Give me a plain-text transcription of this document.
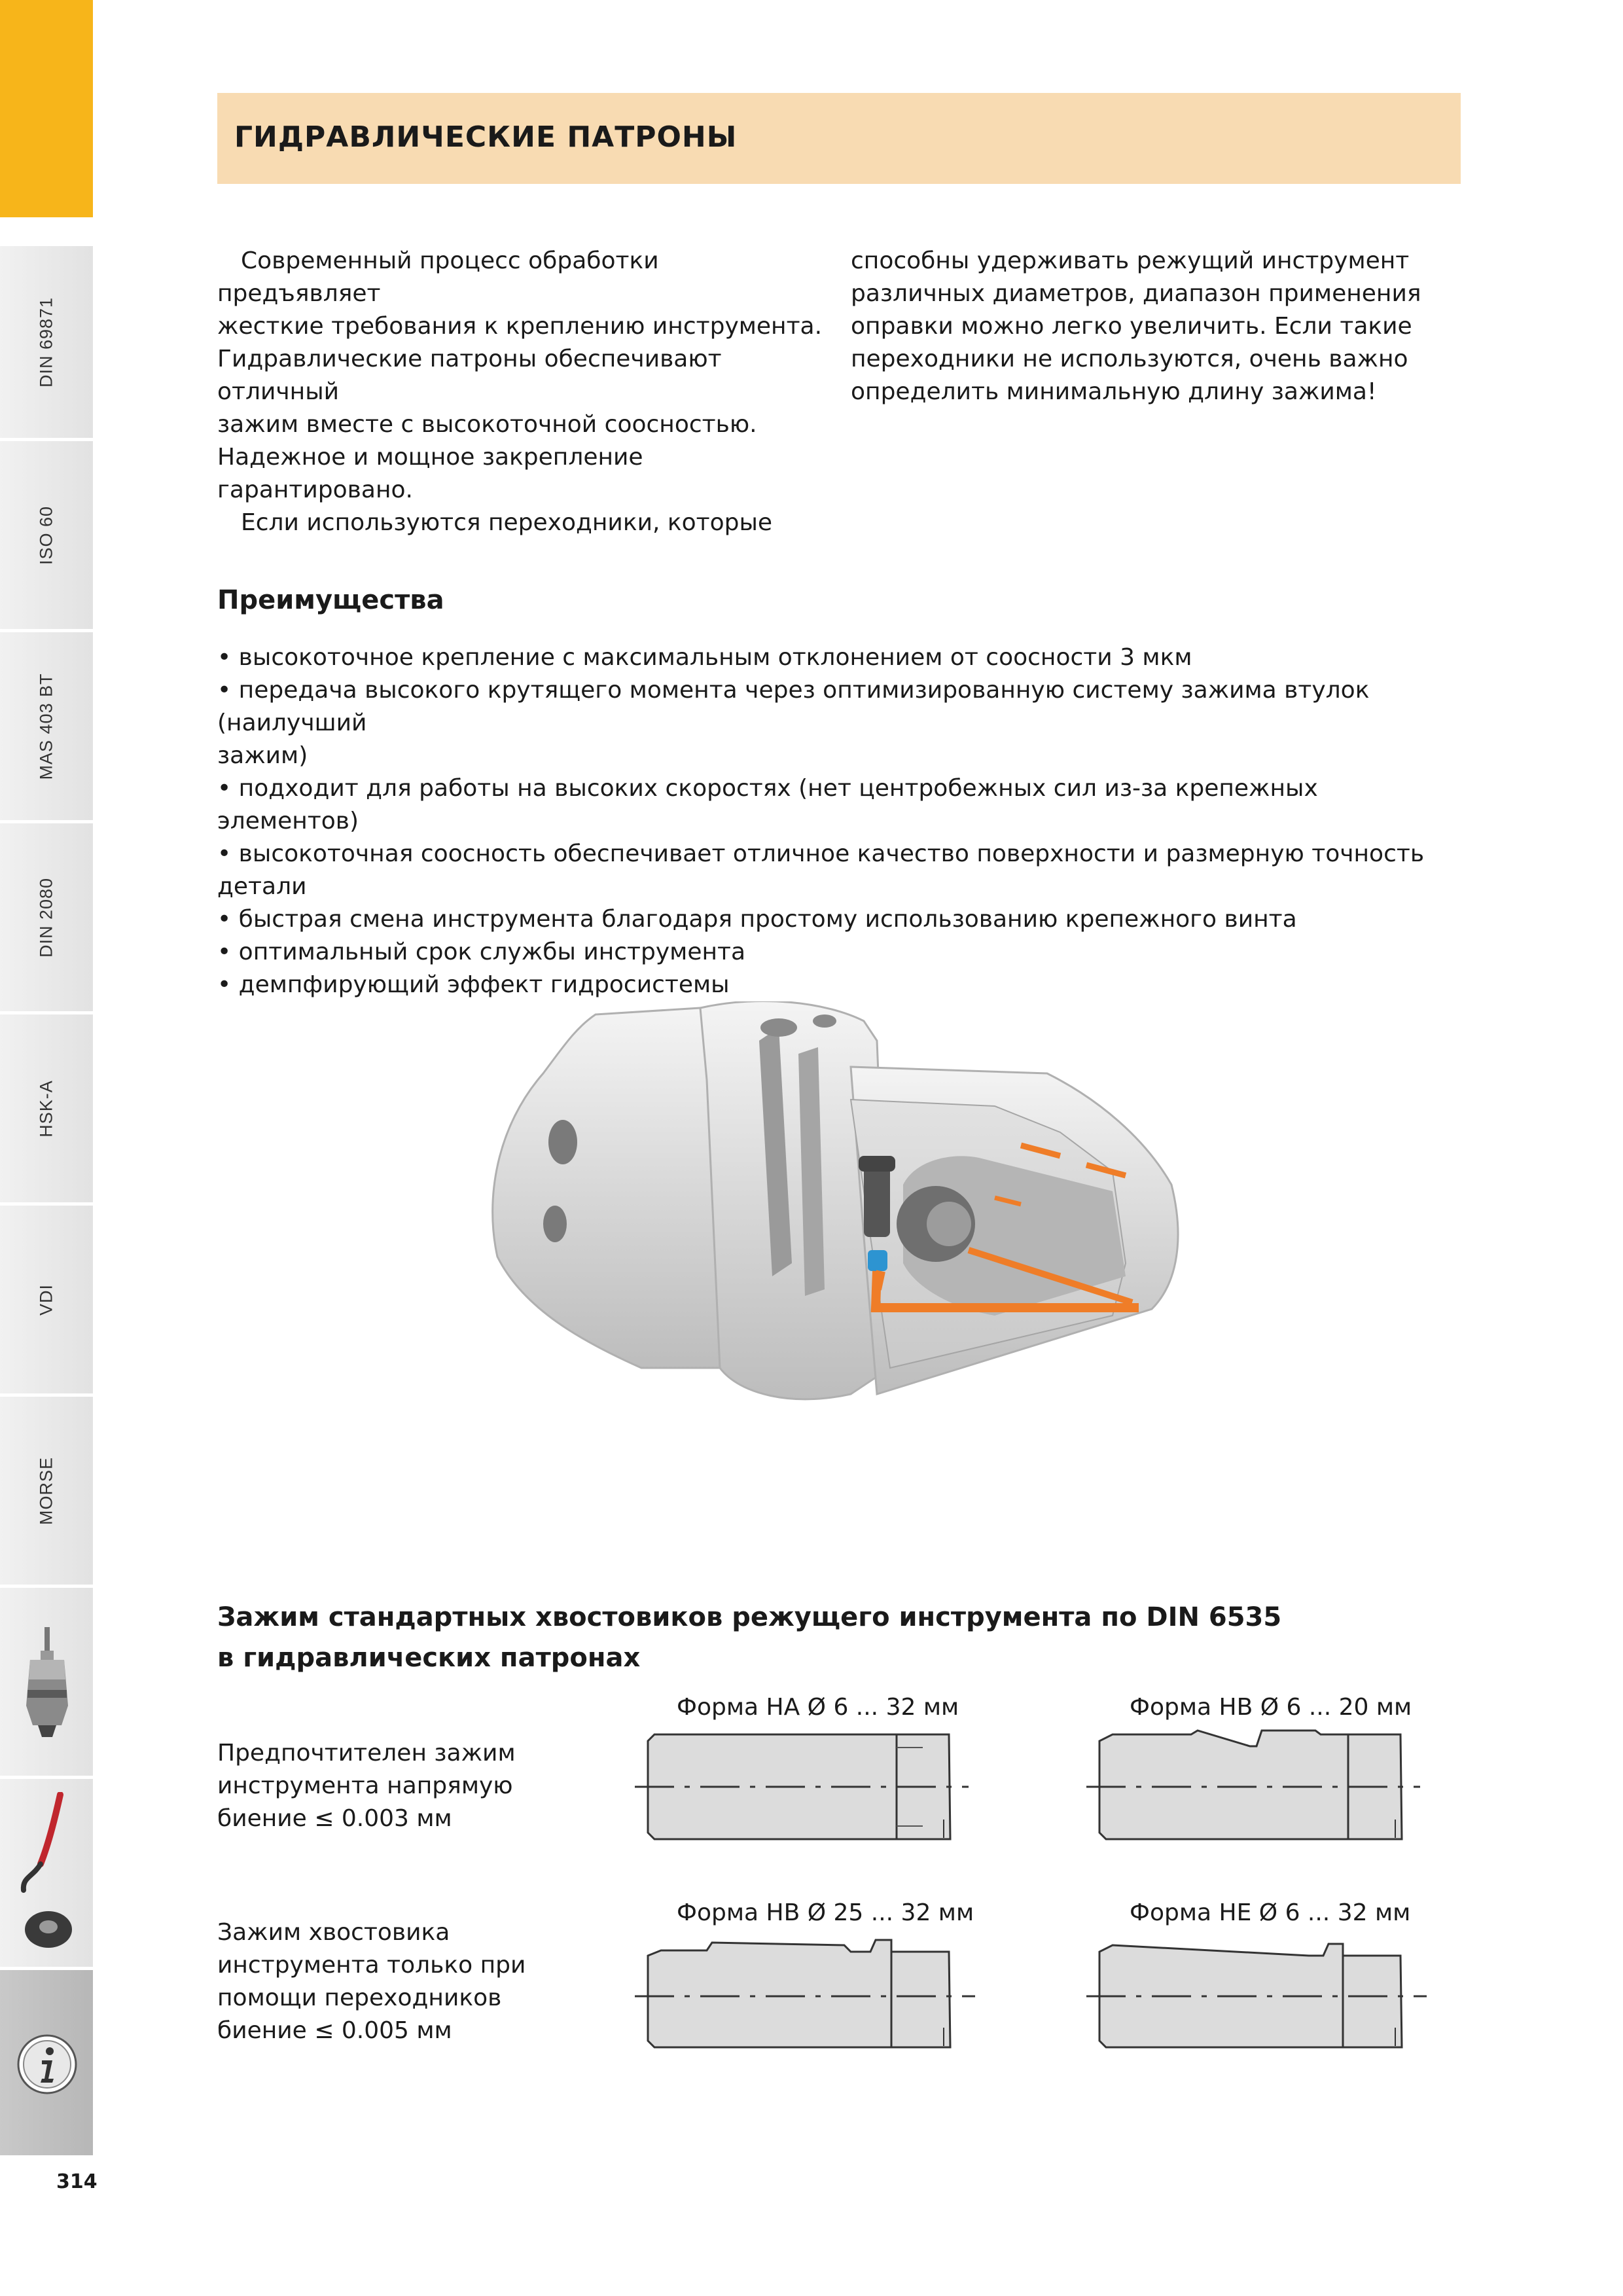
DIN 69871
ISO 60
MAS 403 BT
DIN 2080
HSK-A
VDI
MORSE
ГИДРАВЛИЧЕСКИЕ ПАТРОНЫ

Современный процесс обработки предъявляет

жесткие требования к креплению инструмента.

Гидравлические патроны обеспечивают отличный

зажим вместе с высокоточной соосностью.

Надежное и мощное закрепление гарантировано.

Если используются переходники, которые

способны удерживать режущий инструмент

различных диаметров, диапазон применения

оправки можно легко увеличить. Если такие

переходники не используются, очень важно

определить минимальную длину зажима!

Преимущества
• высокоточное крепление с максимальным отклонением от соосности 3 мкм
• передача высокого крутящего момента через оптимизированную систему зажима втулок (наилучший
зажим)
• подходит для работы на высоких скоростях (нет центробежных сил из-за крепежных элементов)
• высокоточная соосность обеспечивает отличное качество поверхности и размерную точность детали
• быстрая смена инструмента благодаря простому использованию крепежного винта
• оптимальный срок службы инструмента
• демпфирующий эффект гидросистемы
Зажим стандартных хвостовиков режущего инструмента по DIN 6535
в гидравлических патронах
Предпочтителен зажим
инструмента напрямую
биение ≤ 0.003 мм
Зажим хвостовика
инструмента только при
помощи переходников
биение ≤ 0.005 мм
Форма HA Ø 6 ... 32 мм	Форма HB Ø 6 ... 20 мм
Форма HB Ø 25 ... 32 мм	Форма HE Ø 6 ... 32 мм
314
